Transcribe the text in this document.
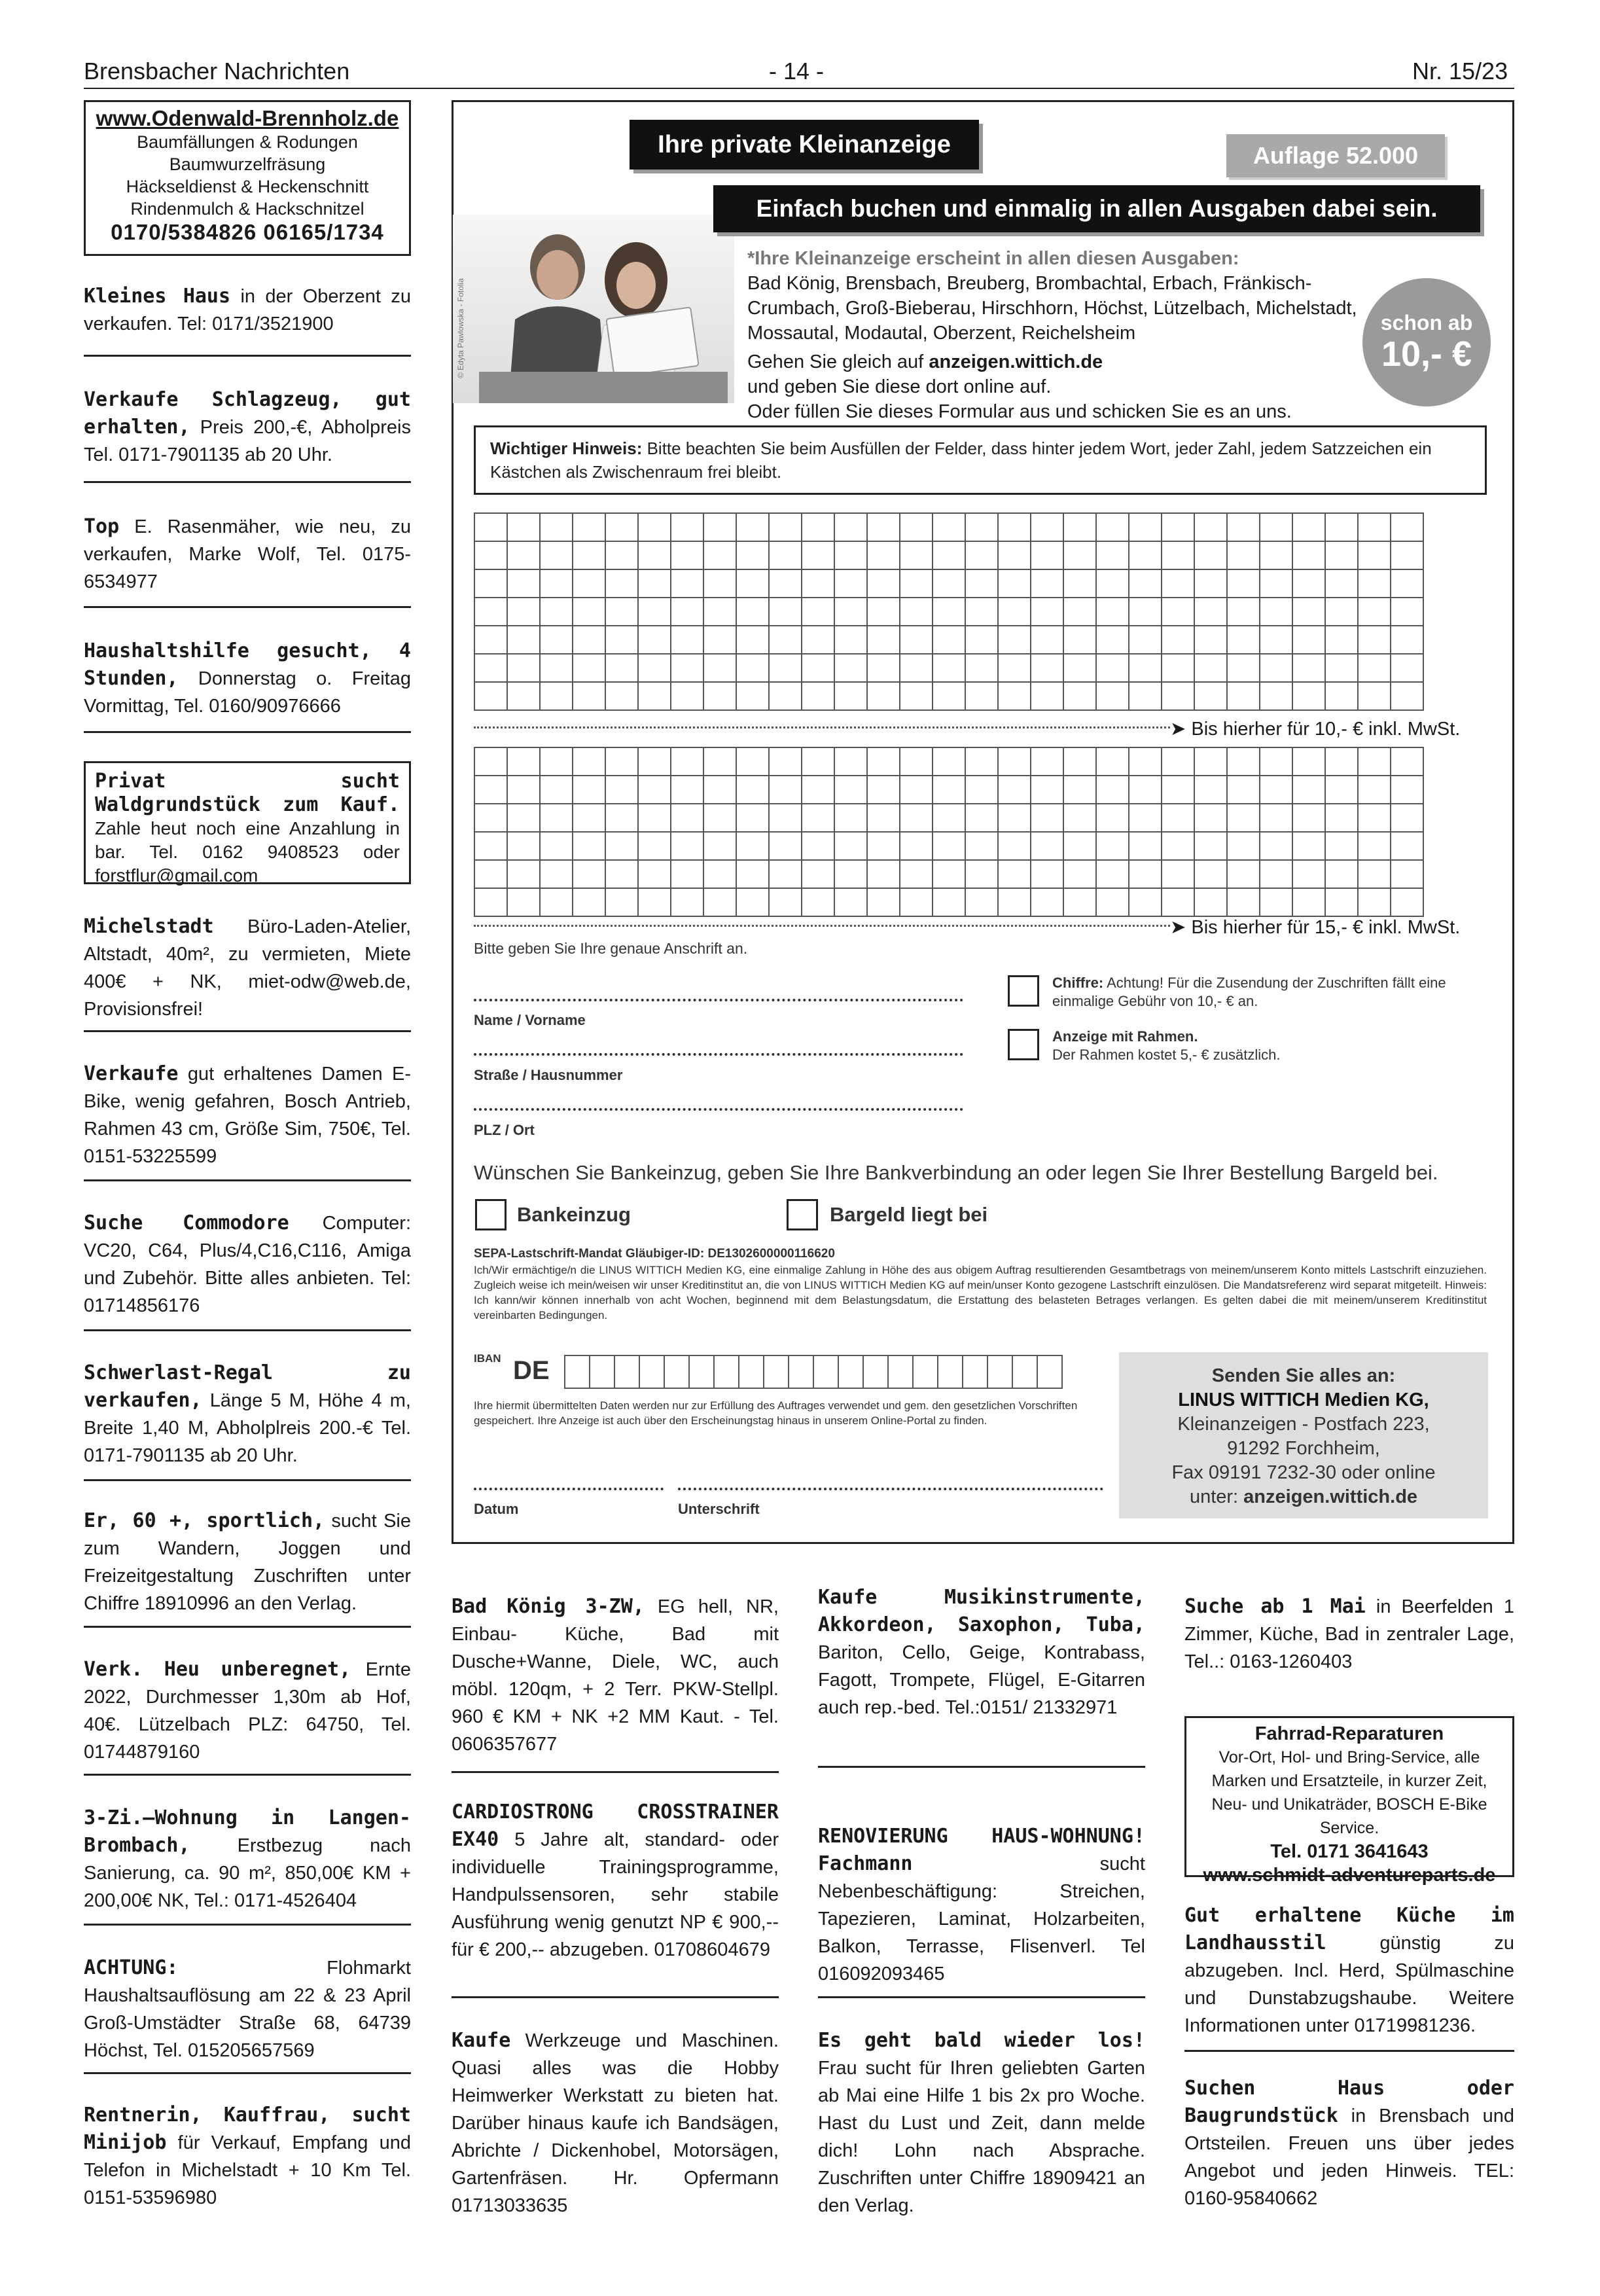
Brensbacher Nachrichten	- 14 -	Nr. 15/23
www.Odenwald-Brennholz.de
Baumfällungen & Rodungen
Baumwurzelfräsung
Häckseldienst & Heckenschnitt
Rindenmulch & Hackschnitzel
0170/5384826 06165/1734
Kleines Haus in der Oberzent zu verkaufen. Tel: 0171/3521900
Verkaufe Schlagzeug, gut erhalten, Preis 200,-€, Abholpreis Tel. 0171-7901135 ab 20 Uhr.
Top E. Rasenmäher, wie neu, zu verkaufen, Marke Wolf, Tel. 0175-6534977
Haushaltshilfe gesucht, 4 Stunden, Donnerstag o. Freitag Vormittag, Tel. 0160/90976666
Privat sucht Waldgrundstück zum Kauf. Zahle heut noch eine Anzahlung in bar. Tel. 0162 9408523 oder forstflur@gmail.com
Michelstadt Büro-Laden-Atelier, Altstadt, 40m², zu vermieten, Miete 400€ + NK, miet-odw@web.de, Provisionsfrei!
Verkaufe gut erhaltenes Damen E-Bike, wenig gefahren, Bosch Antrieb, Rahmen 43 cm, Größe Sim, 750€, Tel. 0151-53225599
Suche Commodore Computer: VC20, C64, Plus/4,C16,C116, Amiga und Zubehör. Bitte alles anbieten. Tel: 01714856176
Schwerlast-Regal zu verkaufen, Länge 5 M, Höhe 4 m, Breite 1,40 M, Abholplreis 200.-€ Tel. 0171-7901135 ab 20 Uhr.
Er, 60 +, sportlich, sucht Sie zum Wandern, Joggen und Freizeitgestaltung Zuschriften unter Chiffre 18910996 an den Verlag.
Verk. Heu unberegnet, Ernte 2022, Durchmesser 1,30m ab Hof, 40€. Lützelbach PLZ: 64750, Tel. 01744879160
3-Zi.–Wohnung in Langen-Brombach, Erstbezug nach Sanierung, ca. 90 m², 850,00€ KM + 200,00€ NK, Tel.: 0171-4526404
ACHTUNG:	Flohmarkt Haushaltsauflösung am 22 & 23 April Groß-Umstädter Straße 68, 64739 Höchst, Tel. 015205657569
Rentnerin, Kauffrau, sucht Minijob für Verkauf, Empfang und Telefon in Michelstadt + 10 Km Tel. 0151-53596980
© Edyta Pawlowska - Fotolia
Ihre private Kleinanzeige	Auflage 52.000
Einfach buchen und einmalig in allen Ausgaben dabei sein.
*Ihre Kleinanzeige erscheint in allen diesen Ausgaben:
Bad König, Brensbach, Breuberg, Brombachtal, Erbach, Fränkisch-Crumbach, Groß-Bieberau, Hirschhorn, Höchst, Lützelbach, Michelstadt, Mossautal, Modautal, Oberzent, Reichelsheim
Gehen Sie gleich auf anzeigen.wittich.de
und geben Sie diese dort online auf.
Oder füllen Sie dieses Formular aus und schicken Sie es an uns.
schon ab
10,- €
Wichtiger Hinweis: Bitte beachten Sie beim Ausfüllen der Felder, dass hinter jedem Wort, jeder Zahl, jedem Satzzeichen ein Kästchen als Zwischenraum frei bleibt.

➤ Bis hierher für 10,- € inkl. MwSt.

➤ Bis hierher für 15,- € inkl. MwSt.
Bitte geben Sie Ihre genaue Anschrift an.
Name / Vorname
Straße / Hausnummer
PLZ / Ort
Chiffre: Achtung! Für die Zusendung der Zuschriften fällt eine einmalige Gebühr von 10,- € an.
Anzeige mit Rahmen.
Der Rahmen kostet 5,- € zusätzlich.
Wünschen Sie Bankeinzug, geben Sie Ihre Bankverbindung an oder legen Sie Ihrer Bestellung Bargeld bei.
Bankeinzug	Bargeld liegt bei
SEPA-Lastschrift-Mandat Gläubiger-ID: DE1302600000116620
Ich/Wir ermächtige/n die LINUS WITTICH Medien KG, eine einmalige Zahlung in Höhe des aus obigem Auftrag resultierenden Gesamtbetrags von meinem/unserem Konto mittels Lastschrift einzuziehen. Zugleich weise ich mein/weisen wir unser Kreditinstitut an, die von LINUS WITTICH Medien KG auf mein/unser Konto gezogene Lastschrift einzulösen. Die Mandatsreferenz wird separat mitgeteilt. Hinweis: Ich kann/wir können innerhalb von acht Wochen, beginnend mit dem Belastungsdatum, die Erstattung des belasteten Betrages verlangen. Es gelten dabei die mit meinem/unserem Kreditinstitut vereinbarten Bedingungen.
IBAN DE

Ihre hiermit übermittelten Daten werden nur zur Erfüllung des Auftrages verwendet und gem. den gesetzlichen Vorschriften gespeichert. Ihre Anzeige ist auch über den Erscheinungstag hinaus in unserem Online-Portal zu finden.
Datum	Unterschrift
Senden Sie alles an:
LINUS WITTICH Medien KG,
Kleinanzeigen - Postfach 223,
91292 Forchheim,
Fax 09191 7232-30 oder online
unter: anzeigen.wittich.de
Bad König 3-ZW, EG hell, NR, Einbau- Küche, Bad mit Dusche+Wanne, Diele, WC, auch möbl. 120qm, + 2 Terr. PKW-Stellpl. 960 € KM + NK +2 MM Kaut. - Tel. 0606357677
CARDIOSTRONG CROSSTRAINER EX40 5 Jahre alt, standard- oder individuelle Trainingsprogramme, Handpulssensoren, sehr stabile Ausführung wenig genutzt NP € 900,-- für € 200,-- abzugeben. 01708604679
Kaufe Werkzeuge und Maschinen. Quasi alles was die Hobby Heimwerker Werkstatt zu bieten hat. Darüber hinaus kaufe ich Bandsägen, Abrichte / Dickenhobel, Motorsägen, Gartenfräsen. Hr. Opfermann 01713033635
Kaufe Musikinstrumente, Akkordeon, Saxophon, Tuba, Bariton, Cello, Geige, Kontrabass, Fagott, Trompete, Flügel, E-Gitarren auch rep.-bed. Tel.:0151/ 21332971
RENOVIERUNG HAUS-WOHNUNG! Fachmann	sucht Nebenbeschäftigung: Streichen, Tapezieren, Laminat, Holzarbeiten, Balkon, Terrasse, Flisenverl. Tel 016092093465
Es geht bald wieder los! Frau sucht für Ihren geliebten Garten ab Mai eine Hilfe 1 bis 2x pro Woche. Hast du Lust und Zeit, dann melde dich! Lohn nach Absprache. Zuschriften unter Chiffre 18909421 an den Verlag.
Suche ab 1 Mai in Beerfelden 1 Zimmer, Küche, Bad in zentraler Lage, Tel..: 0163-1260403
Fahrrad-Reparaturen
Vor-Ort, Hol- und Bring-Service, alle Marken und Ersatzteile, in kurzer Zeit, Neu- und Unikaträder, BOSCH E-Bike Service.
Tel. 0171 3641643
www.schmidt-adventureparts.de
Gut erhaltene Küche im Landhausstil	günstig zu abzugeben. Incl. Herd, Spülmaschine und Dunstabzugshaube. Weitere Informationen unter 01719981236.
Suchen Haus oder Baugrundstück in Brensbach und Ortsteilen. Freuen uns über jedes Angebot und jeden Hinweis. TEL: 0160-95840662
